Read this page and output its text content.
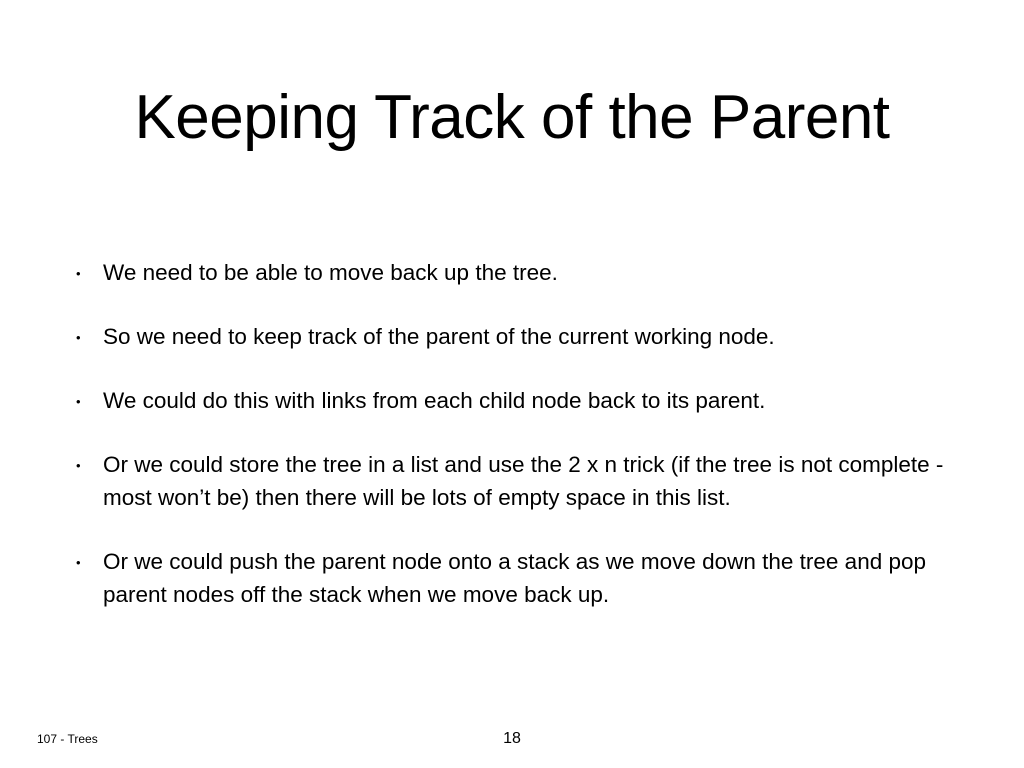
Keeping Track of the Parent
• We need to be able to move back up the tree.
• So we need to keep track of the parent of the current working node.
• We could do this with links from each child node back to its parent.
• Or we could store the tree in a list and use the 2 x n trick (if the tree is not complete - most won’t be) then there will be lots of empty space in this list.
• Or we could push the parent node onto a stack as we move down the tree and pop parent nodes off the stack when we move back up.
107 - Trees	18
